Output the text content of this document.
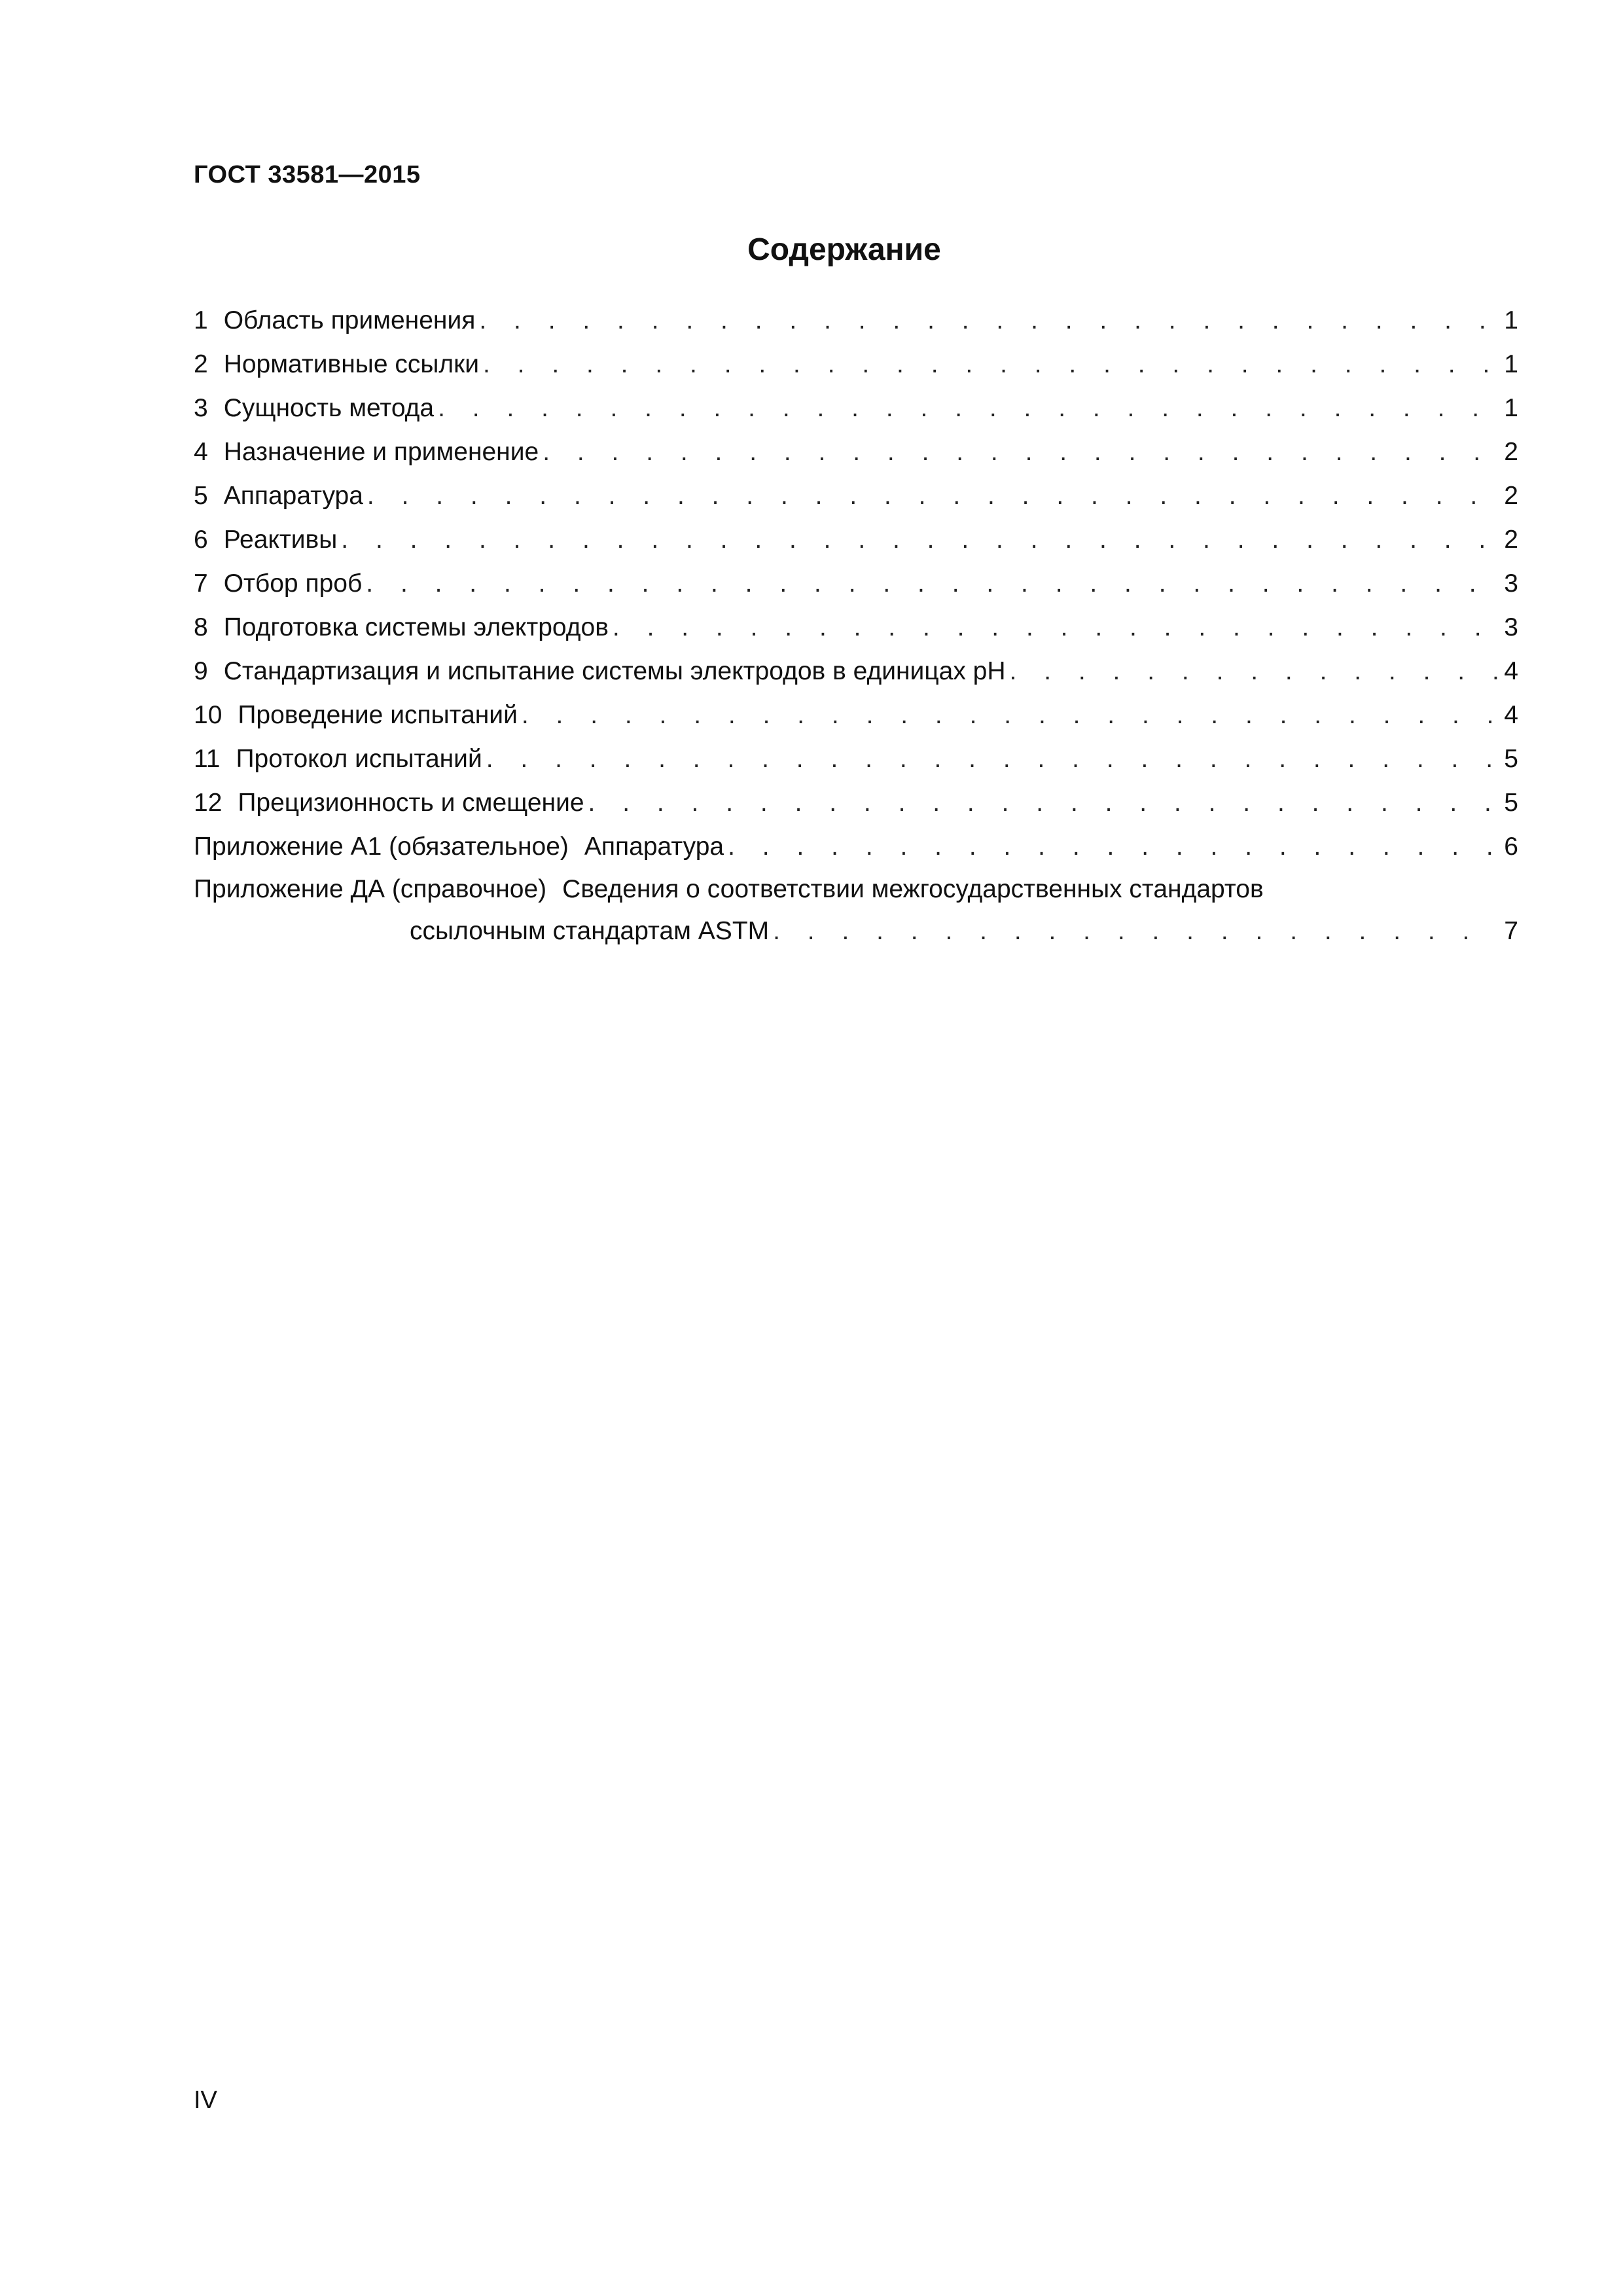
ГОСТ 33581—2015
Содержание
1 Область применения . . .	1
2 Нормативные ссылки . . .	1
3 Сущность метода . . .	1
4 Назначение и применение . . .	2
5 Аппаратура . . .	2
6 Реактивы . . .	2
7 Отбор проб . . .	3
8 Подготовка системы электродов . . .	3
9 Стандартизация и испытание системы электродов в единицах pH . . .	4
10 Проведение испытаний . . .	4
11 Протокол испытаний . . .	5
12 Прецизионность и смещение . . .	5
Приложение А1 (обязательное) Аппаратура . . .	6
Приложение ДА (справочное) Сведения о соответствии межгосударственных стандартов
ссылочным стандартам ASTM . . .	7
IV
